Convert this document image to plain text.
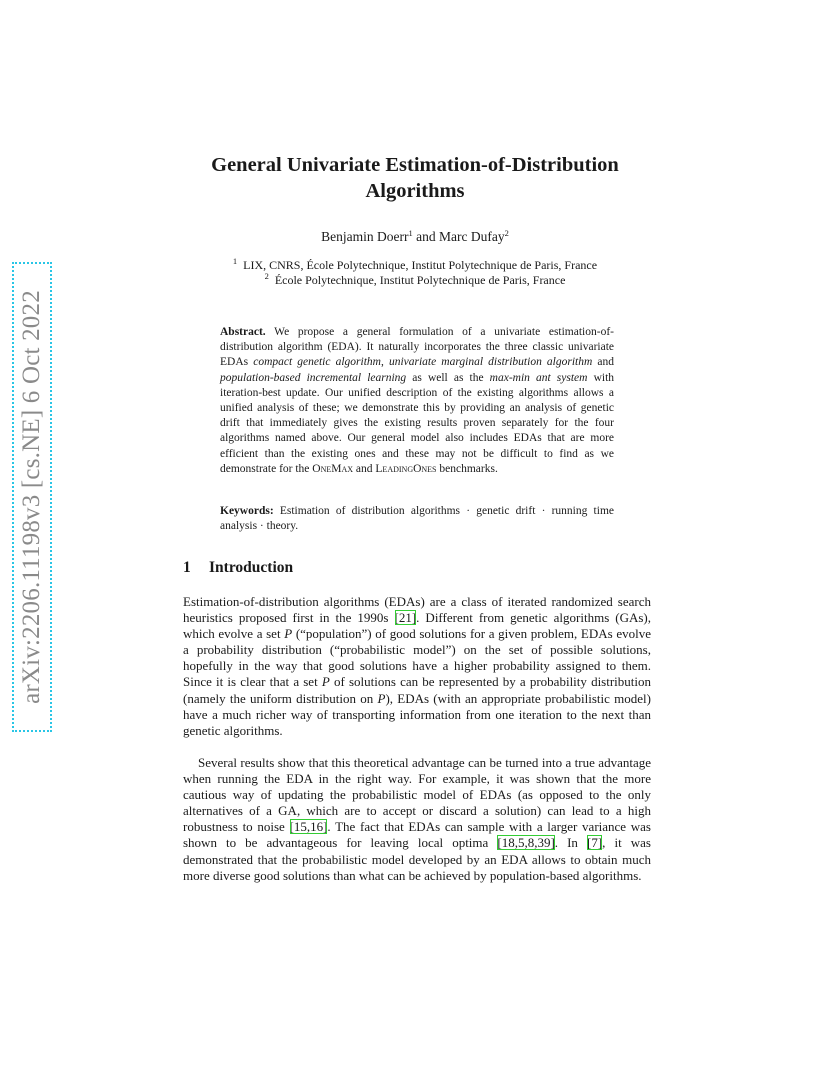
arXiv:2206.11198v3 [cs.NE] 6 Oct 2022
General Univariate Estimation-of-Distribution
Algorithms
Benjamin Doerr$^1$ and Marc Dufay$^2$
$^1$ LIX, CNRS, École Polytechnique, Institut Polytechnique de Paris, France
$^2$ École Polytechnique, Institut Polytechnique de Paris, France
Abstract. We propose a general formulation of a univariate estimation-of-distribution algorithm (EDA). It naturally incorporates the three classic univariate EDAs compact genetic algorithm, univariate marginal distribution algorithm and population-based incremental learning as well as the max-min ant system with iteration-best update. Our unified description of the existing algorithms allows a unified analysis of these; we demonstrate this by providing an analysis of genetic drift that immediately gives the existing results proven separately for the four algorithms named above. Our general model also includes EDAs that are more efficient than the existing ones and these may not be difficult to find as we demonstrate for the OneMax and LeadingOnes benchmarks.
Keywords: Estimation of distribution algorithms · genetic drift · running time analysis · theory.
1 Introduction
Estimation-of-distribution algorithms (EDAs) are a class of iterated randomized search heuristics proposed first in the 1990s [21]. Different from genetic algorithms (GAs), which evolve a set P (“population”) of good solutions for a given problem, EDAs evolve a probability distribution (“probabilistic model”) on the set of possible solutions, hopefully in the way that good solutions have a higher probability assigned to them. Since it is clear that a set P of solutions can be represented by a probability distribution (namely the uniform distribution on P), EDAs (with an appropriate probabilistic model) have a much richer way of transporting information from one iteration to the next than genetic algorithms.
Several results show that this theoretical advantage can be turned into a true advantage when running the EDA in the right way. For example, it was shown that the more cautious way of updating the probabilistic model of EDAs (as opposed to the only alternatives of a GA, which are to accept or discard a solution) can lead to a high robustness to noise [15,16]. The fact that EDAs can sample with a larger variance was shown to be advantageous for leaving local optima [18,5,8,39]. In [7], it was demonstrated that the probabilistic model developed by an EDA allows to obtain much more diverse good solutions than what can be achieved by population-based algorithms.
